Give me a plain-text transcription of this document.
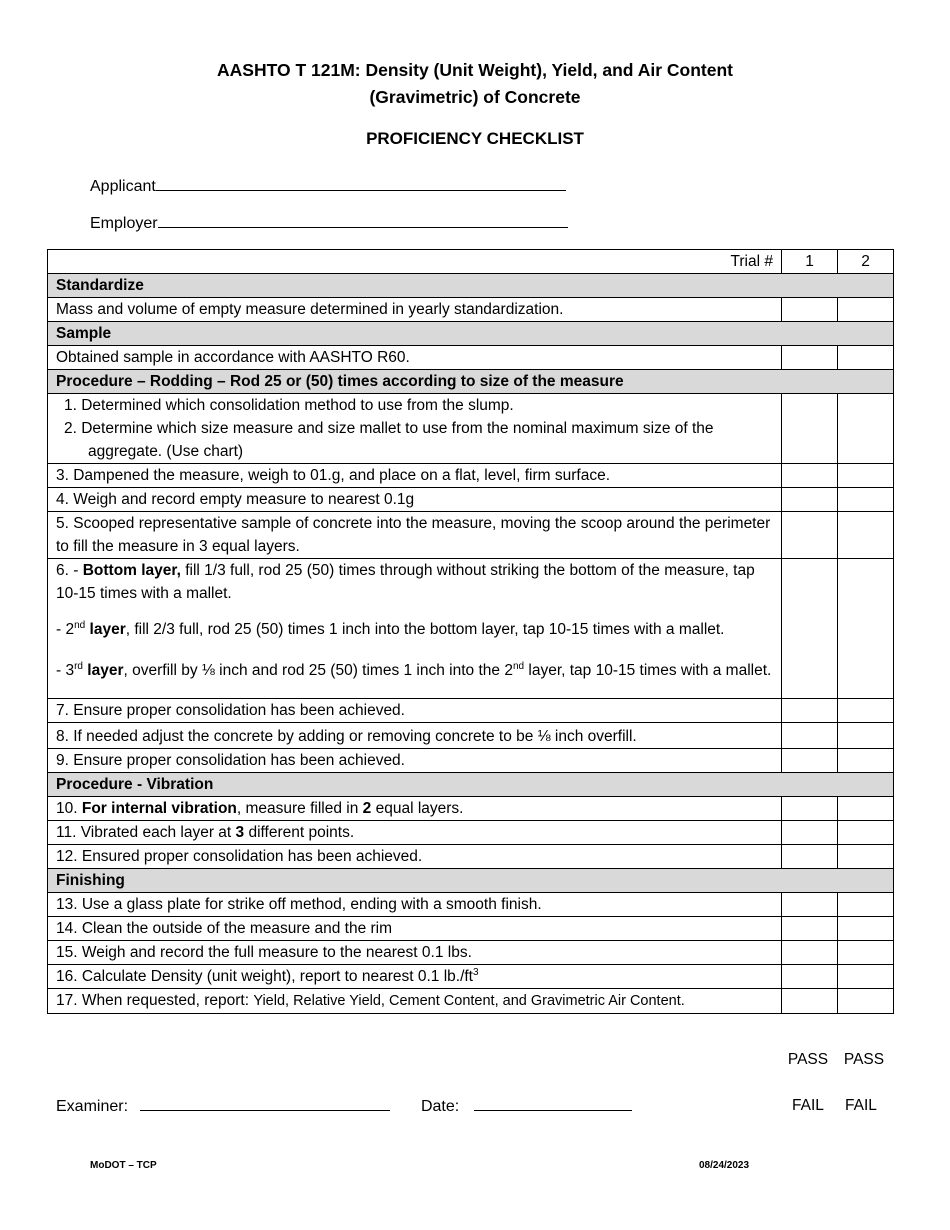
AASHTO T 121M: Density (Unit Weight), Yield, and Air Content
(Gravimetric) of Concrete
PROFICIENCY CHECKLIST
Applicant
Employer
Trial #	1	2
Standardize		
Mass and volume of empty measure determined in yearly standardization.		
Sample		
Obtained sample in accordance with AASHTO R60.		
Procedure – Rodding – Rod 25 or (50) times according to size of the measure		

1. Determined which consolidation method to use from the slump.
2. Determine which size measure and size mallet to use from the nominal maximum size of the aggregate. (Use chart)		

3. Dampened the measure, weigh to 01.g, and place on a flat, level, firm surface.		
4. Weigh and record empty measure to nearest 0.1g		
5. Scooped representative sample of concrete into the measure, moving the scoop around the perimeter to fill the measure in 3 equal layers.		
6. - Bottom layer, fill 1/3 full, rod 25 (50) times through without striking the bottom of the measure, tap 10-15 times with a mallet.
- 2nd layer, fill 2/3 full, rod 25 (50) times 1 inch into the bottom layer, tap 10-15 times with a mallet.
- 3rd layer, overfill by ⅛ inch and rod 25 (50) times 1 inch into the 2nd layer, tap 10-15 times with a mallet.		

7. Ensure proper consolidation has been achieved.		
8. If needed adjust the concrete by adding or removing concrete to be ⅛ inch overfill.		
9. Ensure proper consolidation has been achieved.		
Procedure - Vibration		
10. For internal vibration, measure filled in 2 equal layers.		
11. Vibrated each layer at 3 different points.		
12. Ensured proper consolidation has been achieved.		
Finishing		
13. Use a glass plate for strike off method, ending with a smooth finish.		
14. Clean the outside of the measure and the rim		
15. Weigh and record the full measure to the nearest 0.1 lbs.		
16. Calculate Density (unit weight), report to nearest 0.1 $lb./ft^3$		
17. When requested, report: Yield, Relative Yield, Cement Content, and Gravimetric Air Content.		
PASS	PASS
FAIL	FAIL
Examiner:	Date:
MoDOT – TCP	08/24/2023
